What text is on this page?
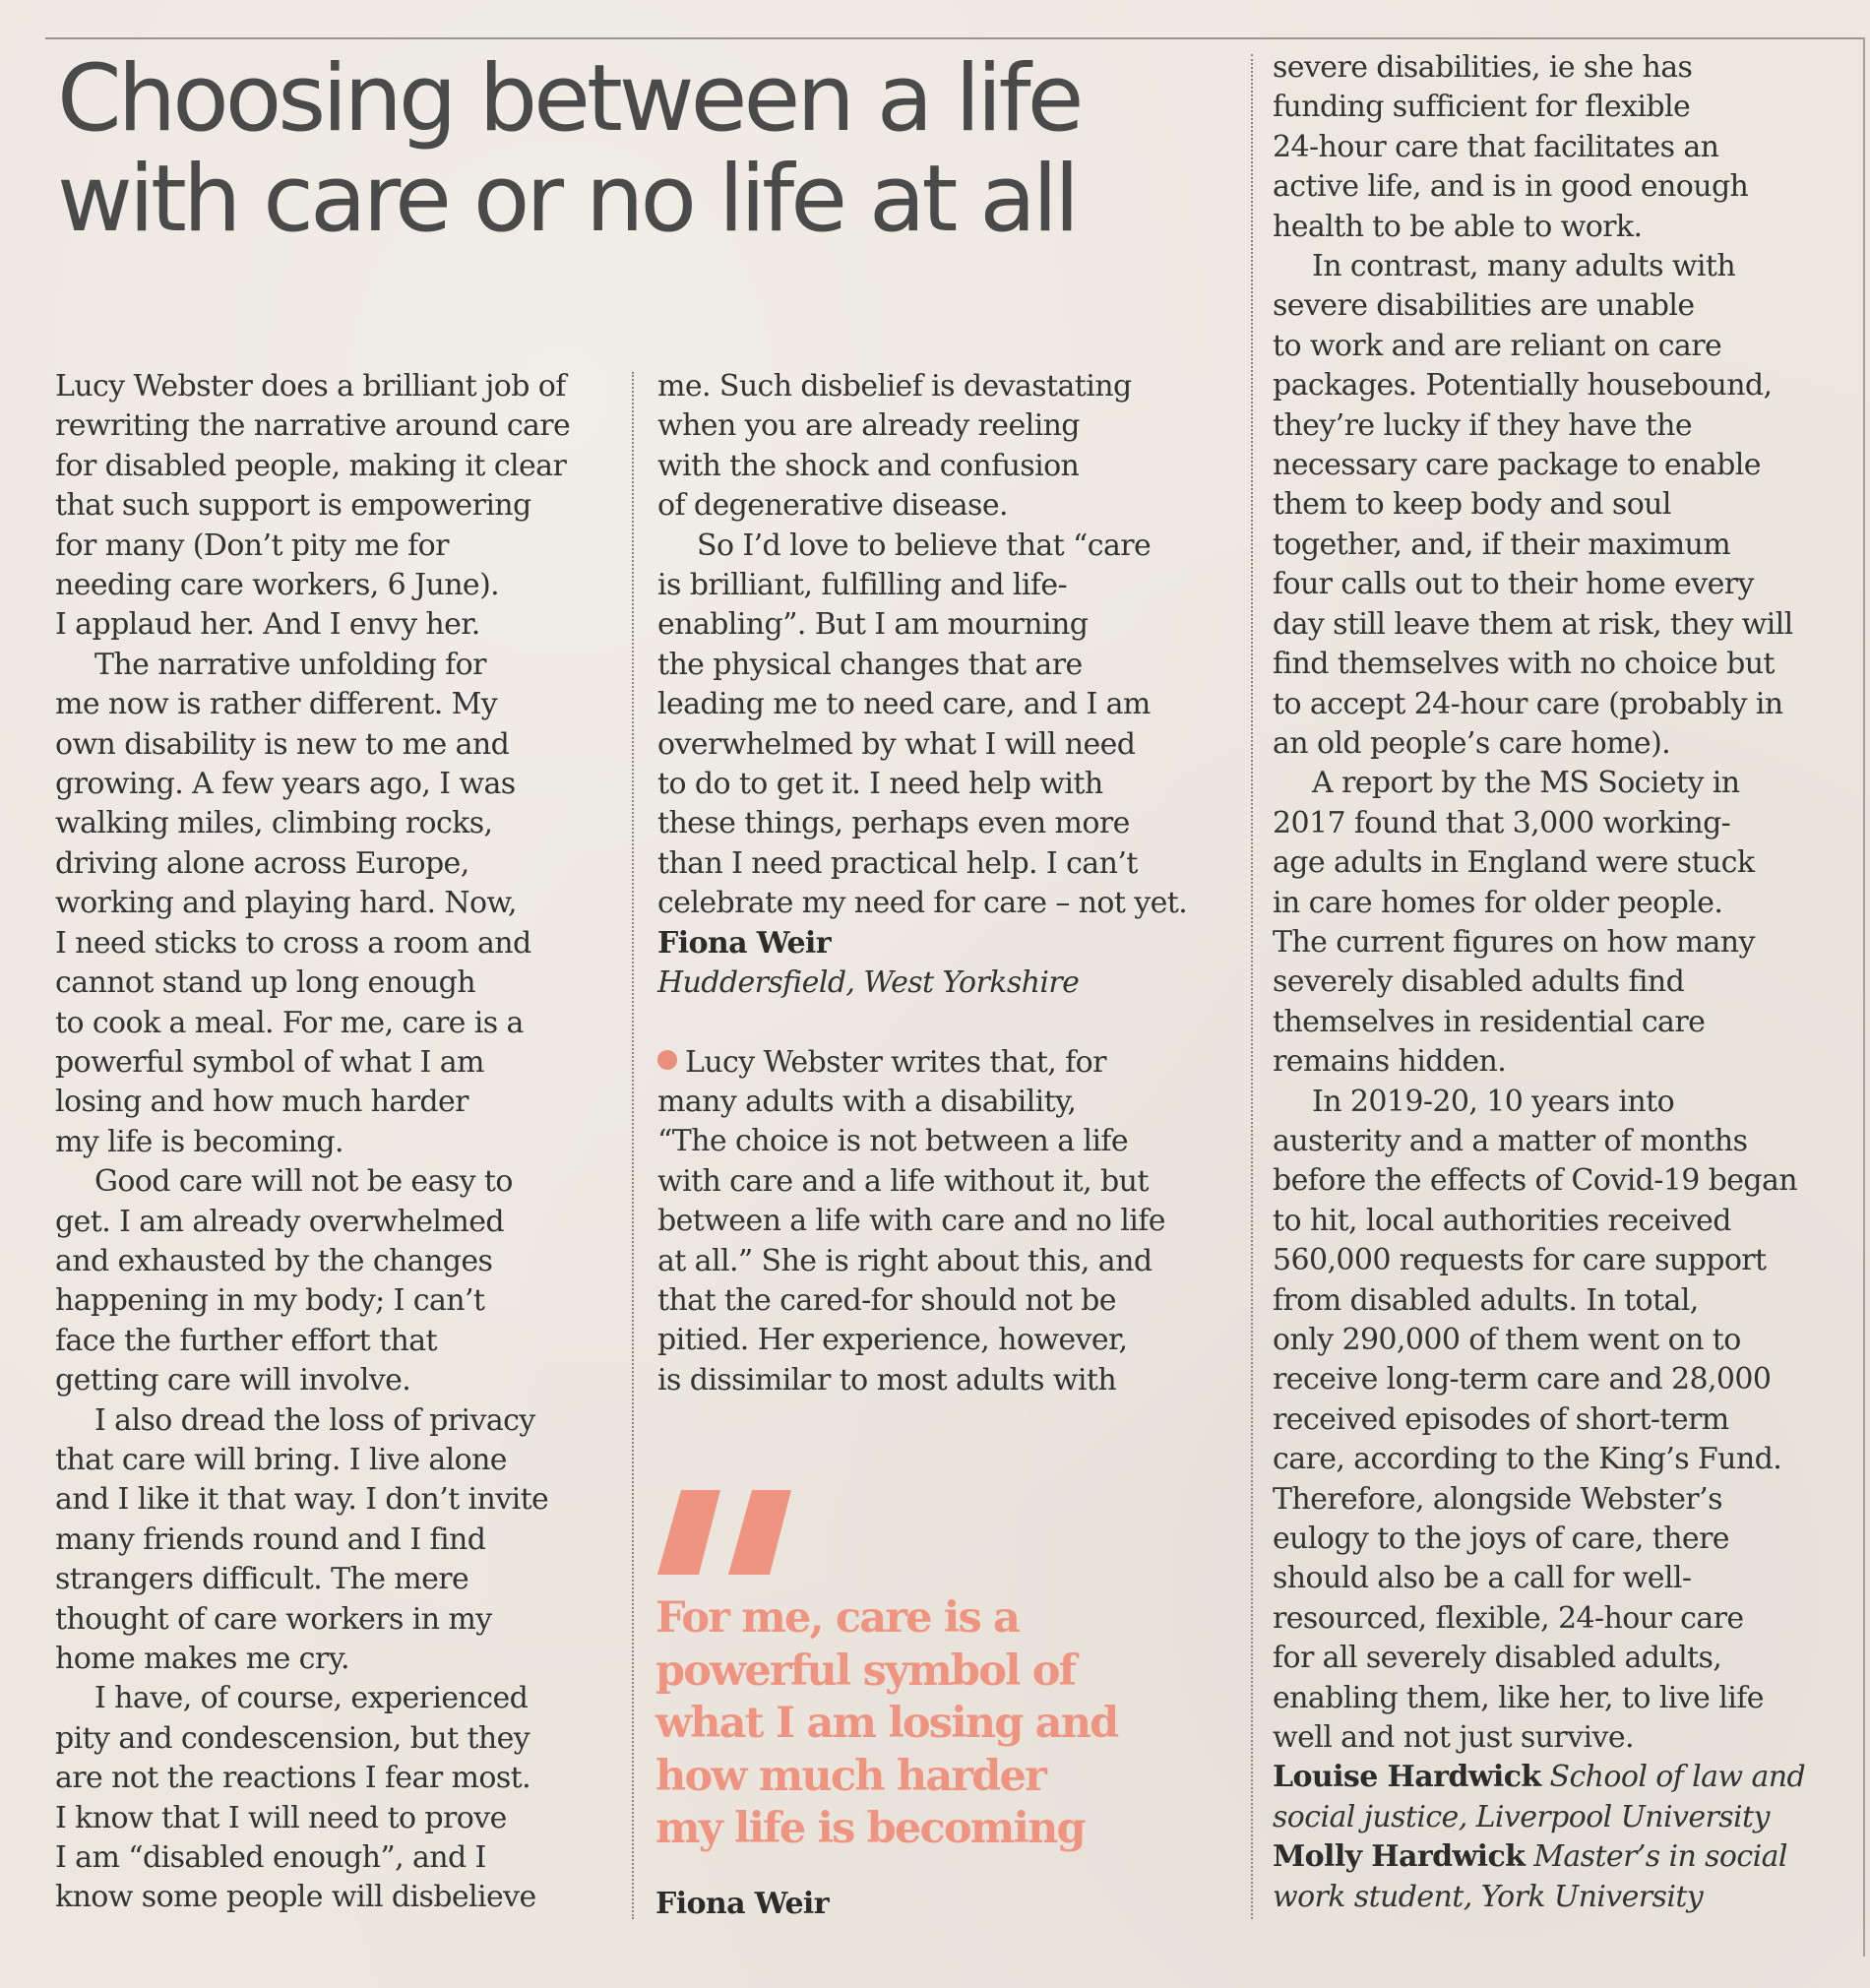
Choosing between a life
with care or no life at all

Lucy Webster does a brilliant job of

rewriting the narrative around care

for disabled people, making it clear

that such support is empowering

for many (Don’t pity me for

needing care workers, 6 June).

I applaud her. And I envy her.

The narrative unfolding for

me now is rather different. My

own disability is new to me and

growing. A few years ago, I was

walking miles, climbing rocks,

driving alone across Europe,

working and playing hard. Now,

I need sticks to cross a room and

cannot stand up long enough

to cook a meal. For me, care is a

powerful symbol of what I am

losing and how much harder

my life is becoming.

Good care will not be easy to

get. I am already overwhelmed

and exhausted by the changes

happening in my body; I can’t

face the further effort that

getting care will involve.

I also dread the loss of privacy

that care will bring. I live alone

and I like it that way. I don’t invite

many friends round and I find

strangers difficult. The mere

thought of care workers in my

home makes me cry.

I have, of course, experienced

pity and condescension, but they

are not the reactions I fear most.

I know that I will need to prove

I am “disabled enough”, and I

know some people will disbelieve

me. Such disbelief is devastating

when you are already reeling

with the shock and confusion

of degenerative disease.

So I’d love to believe that “care

is brilliant, fulfilling and life-

enabling”. But I am mourning

the physical changes that are

leading me to need care, and I am

overwhelmed by what I will need

to do to get it. I need help with

these things, perhaps even more

than I need practical help. I can’t

celebrate my need for care – not yet.

Fiona Weir

Huddersfield, West Yorkshire

Lucy Webster writes that, for

many adults with a disability,

“The choice is not between a life

with care and a life without it, but

between a life with care and no life

at all.” She is right about this, and

that the cared-for should not be

pitied. Her experience, however,

is dissimilar to most adults with

For me, care is a

powerful symbol of

what I am losing and

how much harder

my life is becoming

Fiona Weir

severe disabilities, ie she has

funding sufficient for flexible

24-hour care that facilitates an

active life, and is in good enough

health to be able to work.

In contrast, many adults with

severe disabilities are unable

to work and are reliant on care

packages. Potentially housebound,

they’re lucky if they have the

necessary care package to enable

them to keep body and soul

together, and, if their maximum

four calls out to their home every

day still leave them at risk, they will

find themselves with no choice but

to accept 24-hour care (probably in

an old people’s care home).

A report by the MS Society in

2017 found that 3,000 working-

age adults in England were stuck

in care homes for older people.

The current figures on how many

severely disabled adults find

themselves in residential care

remains hidden.

In 2019-20, 10 years into

austerity and a matter of months

before the effects of Covid-19 began

to hit, local authorities received

560,000 requests for care support

from disabled adults. In total,

only 290,000 of them went on to

receive long-term care and 28,000

received episodes of short-term

care, according to the King’s Fund.

Therefore, alongside Webster’s

eulogy to the joys of care, there

should also be a call for well-

resourced, flexible, 24-hour care

for all severely disabled adults,

enabling them, like her, to live life

well and not just survive.

Louise Hardwick School of law and

social justice, Liverpool University

Molly Hardwick Master’s in social

work student, York University
